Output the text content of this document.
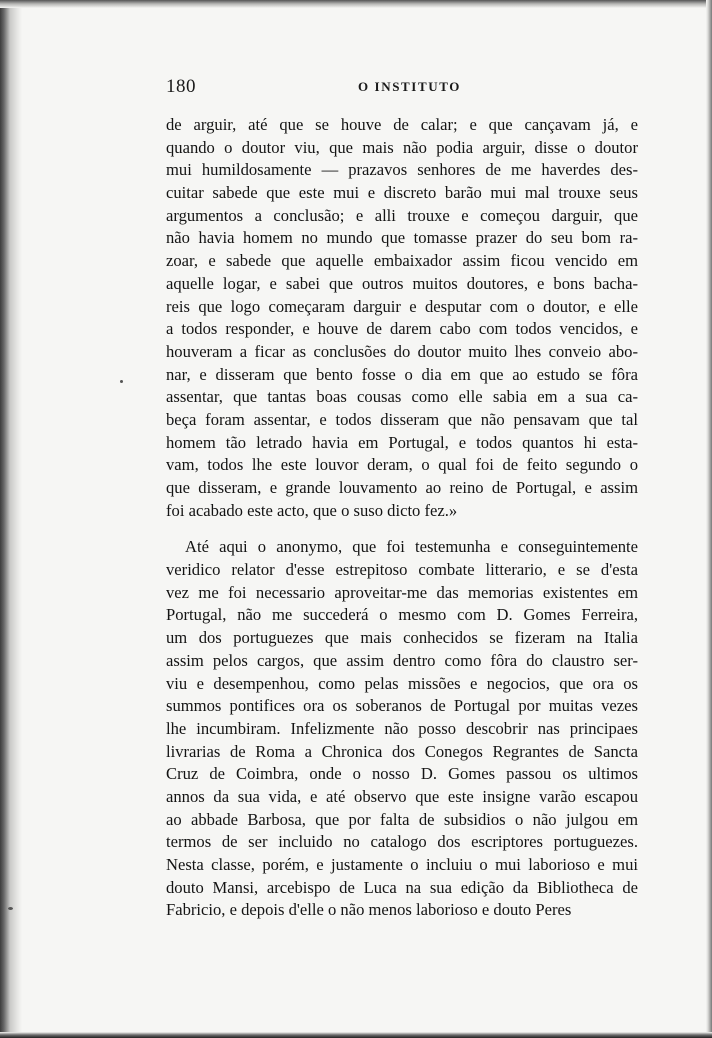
180	O INSTITUTO
de arguir, até que se houve de calar; e que cançavam já, e
quando o doutor viu, que mais não podia arguir, disse o doutor
mui humildosamente — prazavos senhores de me haverdes des-
cuitar sabede que este mui e discreto barão mui mal trouxe seus
argumentos a conclusão; e alli trouxe e começou darguir, que
não havia homem no mundo que tomasse prazer do seu bom ra-
zoar, e sabede que aquelle embaixador assim ficou vencido em
aquelle logar, e sabei que outros muitos doutores, e bons bacha-
reis que logo começaram darguir e desputar com o doutor, e elle
a todos responder, e houve de darem cabo com todos vencidos, e
houveram a ficar as conclusões do doutor muito lhes conveio abo-
nar, e disseram que bento fosse o dia em que ao estudo se fôra
assentar, que tantas boas cousas como elle sabia em a sua ca-
beça foram assentar, e todos disseram que não pensavam que tal
homem tão letrado havia em Portugal, e todos quantos hi esta-
vam, todos lhe este louvor deram, o qual foi de feito segundo o
que disseram, e grande louvamento ao reino de Portugal, e assim
foi acabado este acto, que o suso dicto fez.»
Até aqui o anonymo, que foi testemunha e conseguintemente
veridico relator d'esse estrepitoso combate litterario, e se d'esta
vez me foi necessario aproveitar-me das memorias existentes em
Portugal, não me succederá o mesmo com D. Gomes Ferreira,
um dos portuguezes que mais conhecidos se fizeram na Italia
assim pelos cargos, que assim dentro como fôra do claustro ser-
viu e desempenhou, como pelas missões e negocios, que ora os
summos pontifices ora os soberanos de Portugal por muitas vezes
lhe incumbiram. Infelizmente não posso descobrir nas principaes
livrarias de Roma a Chronica dos Conegos Regrantes de Sancta
Cruz de Coimbra, onde o nosso D. Gomes passou os ultimos
annos da sua vida, e até observo que este insigne varão escapou
ao abbade Barbosa, que por falta de subsidios o não julgou em
termos de ser incluido no catalogo dos escriptores portuguezes.
Nesta classe, porém, e justamente o incluiu o mui laborioso e mui
douto Mansi, arcebispo de Luca na sua edição da Bibliotheca de
Fabricio, e depois d'elle o não menos laborioso e douto Peres
